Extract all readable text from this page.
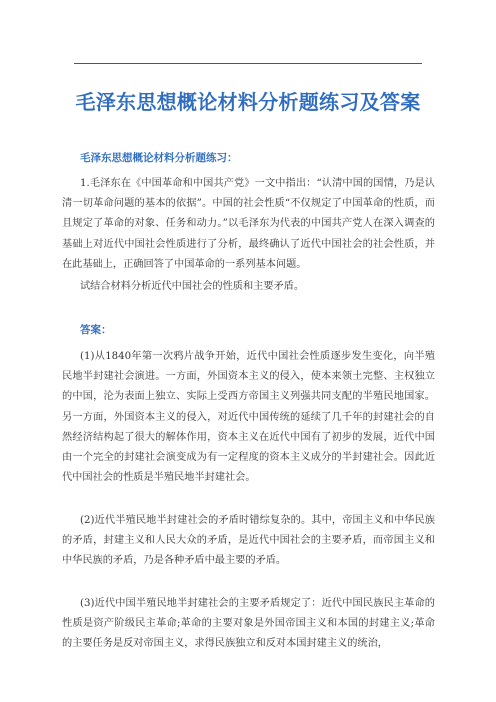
毛泽东思想概论材料分析题练习及答案

毛泽东思想概论材料分析题练习：

1.毛泽东在《中国革命和中国共产党》一文中指出：“认清中国的国情，乃是认清一切革命问题的基本的依据”。中国的社会性质“不仅规定了中国革命的性质，而且规定了革命的对象、任务和动力。”以毛泽东为代表的中国共产党人在深入调查的基础上对近代中国社会性质进行了分析，最终确认了近代中国社会的社会性质，并在此基础上，正确回答了中国革命的一系列基本问题。

试结合材料分析近代中国社会的性质和主要矛盾。

答案：

(1)从1840年第一次鸦片战争开始，近代中国社会性质逐步发生变化，向半殖民地半封建社会演进。一方面，外国资本主义的侵入，使本来领土完整、主权独立的中国，沦为表面上独立、实际上受西方帝国主义列强共同支配的半殖民地国家。另一方面，外国资本主义的侵入，对近代中国传统的延续了几千年的封建社会的自然经济结构起了很大的解体作用，资本主义在近代中国有了初步的发展，近代中国由一个完全的封建社会演变成为有一定程度的资本主义成分的半封建社会。因此近代中国社会的性质是半殖民地半封建社会。

(2)近代半殖民地半封建社会的矛盾时错综复杂的。其中，帝国主义和中华民族的矛盾，封建主义和人民大众的矛盾，是近代中国社会的主要矛盾，而帝国主义和中华民族的矛盾，乃是各种矛盾中最主要的矛盾。

(3)近代中国半殖民地半封建社会的主要矛盾规定了：近代中国民族民主革命的性质是资产阶级民主革命;革命的主要对象是外国帝国主义和本国的封建主义;革命的主要任务是反对帝国主义，求得民族独立和反对本国封建主义的统治，
